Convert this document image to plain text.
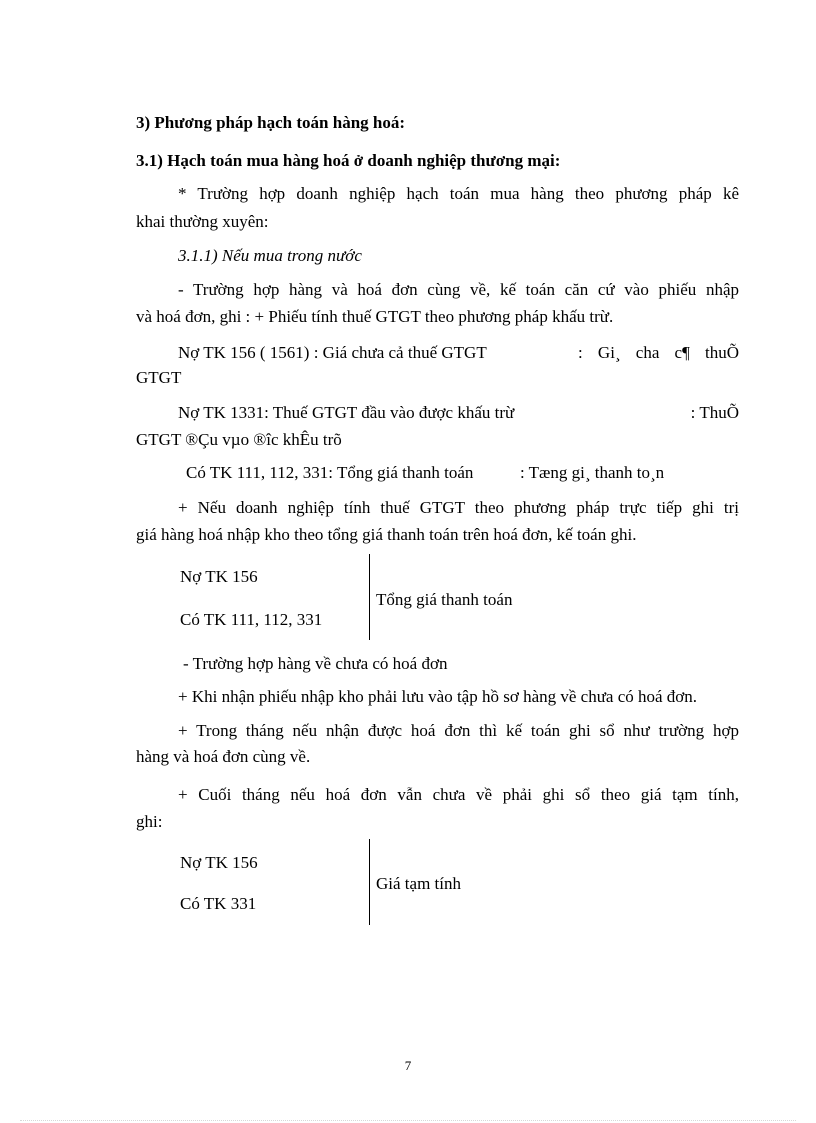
3) Phương pháp hạch toán hàng hoá:
3.1) Hạch toán mua hàng hoá ở doanh nghiệp thương mại:
* Trường hợp doanh nghiệp hạch toán mua hàng theo phương pháp kê
khai thường xuyên:
3.1.1) Nếu mua trong nước
- Trường hợp hàng và hoá đơn cùng về, kế toán căn cứ vào phiếu nhập
và hoá đơn, ghi : + Phiếu tính thuế GTGT theo phương pháp khấu trừ.
Nợ TK 156 ( 1561) : Giá chưa cả thuế GTGT	: Gi¸ cha c¶ thuÕ
GTGT
Nợ TK 1331: Thuế GTGT đầu vào được khấu trừ	: ThuÕ
GTGT ®Çu vµo ®îc khÊu trõ
Có TK 111, 112, 331: Tổng giá thanh toán	: Tæng gi¸ thanh to¸n
+ Nếu doanh nghiệp tính thuế GTGT theo phương pháp trực tiếp ghi trị
giá hàng hoá nhập kho theo tổng giá thanh toán trên hoá đơn, kế toán ghi.
Nợ TK 156
Có TK 111, 112, 331
Tổng giá thanh toán
- Trường hợp hàng về chưa có hoá đơn
+ Khi nhận phiếu nhập kho phải lưu vào tập hồ sơ hàng về chưa có hoá đơn.
+ Trong tháng nếu nhận được hoá đơn thì kế toán ghi sổ như trường hợp
hàng và hoá đơn cùng về.
+ Cuối tháng nếu hoá đơn vẫn chưa về phải ghi sổ theo giá tạm tính,
ghi:
Nợ TK 156
Có TK 331
Giá tạm tính
7
